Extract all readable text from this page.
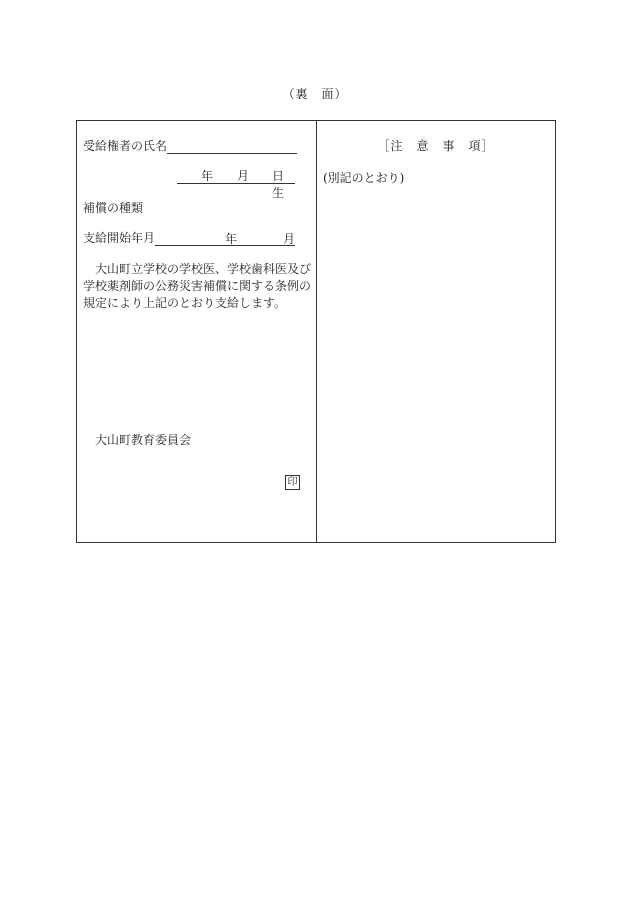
（裏　面）
受給権者の氏名
年 月 日生
補償の種類
支給開始年月	年	月
大山町立学校の学校医、学校歯科医及び学校薬剤師の公務災害補償に関する条例の規定により上記のとおり支給します。
大山町教育委員会
印
［注　意　事　項］
(別記のとおり)
